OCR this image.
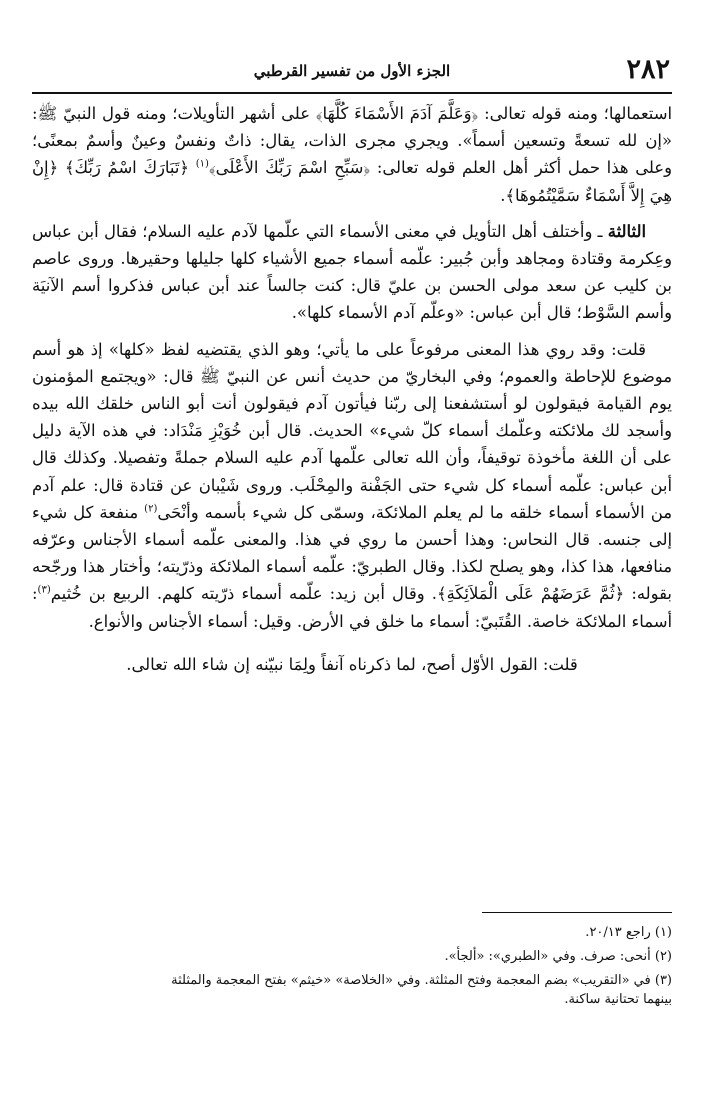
٢٨٢
الجزء الأول من تفسير القرطبي

استعمالها؛ ومنه قوله تعالى: ﴿وَعَلَّمَ آدَمَ الأَسْمَاءَ كُلَّهَا﴾ على أشهر التأويلات؛ ومنه قول النبيّ ﷺ: «إن لله تسعةً وتسعين أسماً». ويجري مجرى الذات، يقال: ذاتٌ ونفسٌ وعينٌ وأسمٌ بمعنًى؛ وعلى هذا حمل أكثر أهل العلم قوله تعالى: ﴿سَبِّحِ اسْمَ رَبِّكَ الأَعْلَى﴾$^{(١)}$ ﴿تَبَارَكَ اسْمُ رَبِّكَ﴾ ﴿إِنْ هِيَ إِلاَّ أَسْمَاءٌ سَمَّيْتُمُوهَا﴾.

الثالثة ـ وأختلف أهل التأويل في معنى الأسماء التي علّمها لآدم عليه السلام؛ فقال أبن عباس وعِكرمة وقتادة ومجاهد وأبن جُبير: علّمه أسماء جميع الأشياء كلها جليلها وحقيرها. وروى عاصم بن كليب عن سعد مولى الحسن بن عليّ قال: كنت جالساً عند أبن عباس فذكروا أسم الآنيَة وأسم السَّوْط؛ قال أبن عباس: «وعلّم آدم الأسماء كلها».

قلت: وقد روي هذا المعنى مرفوعاً على ما يأتي؛ وهو الذي يقتضيه لفظ «كلها» إذ هو أسم موضوع للإحاطة والعموم؛ وفي البخاريّ من حديث أنس عن النبيّ ﷺ قال: «ويجتمع المؤمنون يوم القيامة فيقولون لو أستشفعنا إلى ربّنا فيأتون آدم فيقولون أنت أبو الناس خلقك الله بيده وأسجد لك ملائكته وعلّمك أسماء كلّ شيء» الحديث. قال أبن خُوَيْزِ مَنْدَاد: في هذه الآية دليل على أن اللغة مأخوذة توقيفاً، وأن الله تعالى علّمها آدم عليه السلام جملةً وتفصيلا. وكذلك قال أبن عباس: علّمه أسماء كل شيء حتى الجَفْنة والمِحْلَب. وروى شَيْبان عن قتادة قال: علم آدم من الأسماء أسماء خلقه ما لم يعلم الملائكة، وسمّى كل شيء بأسمه وأنْحَى$^{(٢)}$ منفعة كل شيء إلى جنسه. قال النحاس: وهذا أحسن ما روي في هذا. والمعنى علّمه أسماء الأجناس وعرّفه منافعها، هذا كذا، وهو يصلح لكذا. وقال الطبريّ: علّمه أسماء الملائكة وذرّيته؛ وأختار هذا ورجّحه بقوله: ﴿ثُمَّ عَرَضَهُمْ عَلَى الْمَلاَئِكَةِ﴾. وقال أبن زيد: علّمه أسماء ذرّيته كلهم. الربيع بن خُثيم$^{(٣)}$: أسماء الملائكة خاصة. القُتَبيّ: أسماء ما خلق في الأرض. وقيل: أسماء الأجناس والأنواع.

قلت: القول الأوّل أصح، لما ذكرناه آنفاً ولِمَا نبيّنه إن شاء الله تعالى.

(١) راجع ٢٠/١٣.

(٢) أنحى: صرف. وفي «الطبري»: «ألجأ».

(٣) في «التقريب» بضم المعجمة وفتح المثلثة. وفي «الخلاصة» «خيثم» بفتح المعجمة والمثلثة

بينهما تحتانية ساكنة.
